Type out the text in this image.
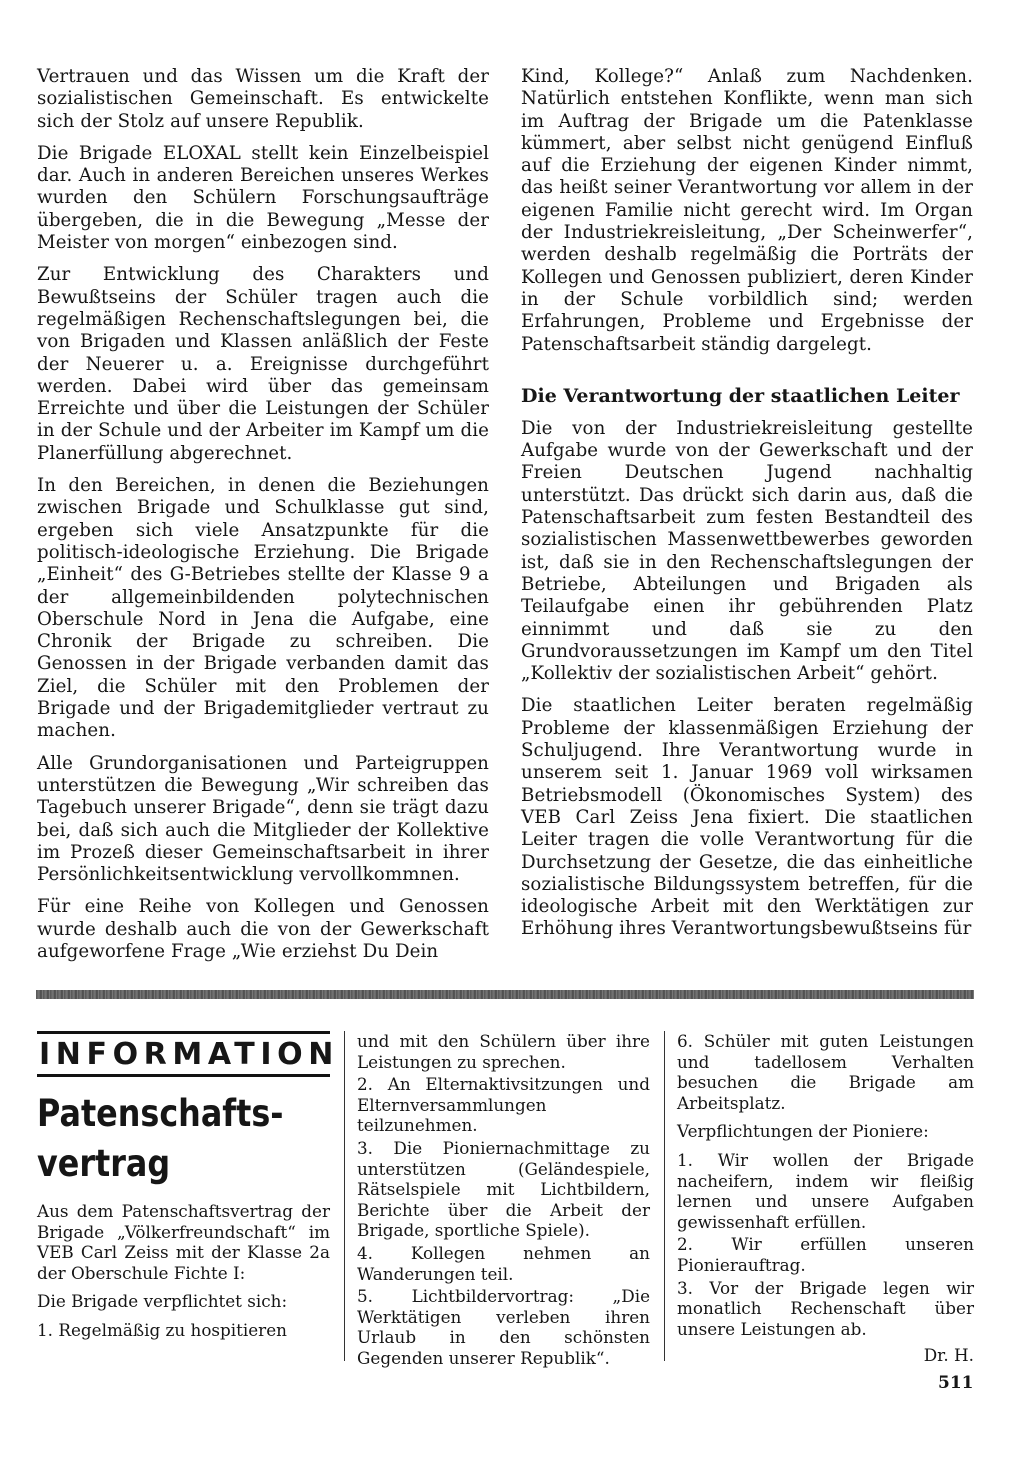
Vertrauen und das Wissen um die Kraft der sozialistischen Gemeinschaft. Es entwickelte sich der Stolz auf unsere Republik.

Die Brigade ELOXAL stellt kein Einzelbeispiel dar. Auch in anderen Bereichen unseres Werkes wurden den Schülern Forschungsaufträge übergeben, die in die Bewegung „Messe der Meister von morgen“ einbezogen sind.

Zur Entwicklung des Charakters und Bewußtseins der Schüler tragen auch die regelmäßigen Rechenschaftslegungen bei, die von Brigaden und Klassen anläßlich der Feste der Neuerer u. a. Ereignisse durchgeführt werden. Dabei wird über das gemeinsam Erreichte und über die Leistungen der Schüler in der Schule und der Arbeiter im Kampf um die Planerfüllung abgerechnet.

In den Bereichen, in denen die Beziehungen zwischen Brigade und Schulklasse gut sind, ergeben sich viele Ansatzpunkte für die politisch-ideologische Erziehung. Die Brigade „Einheit“ des G-Betriebes stellte der Klasse 9 a der allgemeinbildenden polytechnischen Oberschule Nord in Jena die Aufgabe, eine Chronik der Brigade zu schreiben. Die Genossen in der Brigade verbanden damit das Ziel, die Schüler mit den Problemen der Brigade und der Brigademitglieder vertraut zu machen.

Alle Grundorganisationen und Parteigruppen unterstützen die Bewegung „Wir schreiben das Tagebuch unserer Brigade“, denn sie trägt dazu bei, daß sich auch die Mitglieder der Kollektive im Prozeß dieser Gemeinschaftsarbeit in ihrer Persönlichkeitsentwicklung vervollkommnen.

Für eine Reihe von Kollegen und Genossen wurde deshalb auch die von der Gewerkschaft aufgeworfene Frage „Wie erziehst Du Dein

Kind, Kollege?“ Anlaß zum Nachdenken. Natürlich entstehen Konflikte, wenn man sich im Auftrag der Brigade um die Patenklasse kümmert, aber selbst nicht genügend Einfluß auf die Erziehung der eigenen Kinder nimmt, das heißt seiner Verantwortung vor allem in der eigenen Familie nicht gerecht wird. Im Organ der Industriekreisleitung, „Der Scheinwerfer“, werden deshalb regelmäßig die Porträts der Kollegen und Genossen publiziert, deren Kinder in der Schule vorbildlich sind; werden Erfahrungen, Probleme und Ergebnisse der Patenschaftsarbeit ständig dargelegt.

Die Verantwortung der staatlichen Leiter

Die von der Industriekreisleitung gestellte Aufgabe wurde von der Gewerkschaft und der Freien Deutschen Jugend nachhaltig unterstützt. Das drückt sich darin aus, daß die Patenschaftsarbeit zum festen Bestandteil des sozialistischen Massenwettbewerbes geworden ist, daß sie in den Rechenschaftslegungen der Betriebe, Abteilungen und Brigaden als Teilaufgabe einen ihr gebührenden Platz einnimmt und daß sie zu den Grundvoraussetzungen im Kampf um den Titel „Kollektiv der sozialistischen Arbeit“ gehört.

Die staatlichen Leiter beraten regelmäßig Probleme der klassenmäßigen Erziehung der Schuljugend. Ihre Verantwortung wurde in unserem seit 1. Januar 1969 voll wirksamen Betriebsmodell (Ökonomisches System) des VEB Carl Zeiss Jena fixiert. Die staatlichen Leiter tragen die volle Verantwortung für die Durchsetzung der Gesetze, die das einheitliche sozialistische Bildungssystem betreffen, für die ideologische Arbeit mit den Werktätigen zur Erhöhung ihres Verantwortungsbewußtseins für

INFORMATION
Patenschafts-
vertrag

Aus dem Patenschaftsvertrag der Brigade „Völkerfreundschaft“ im VEB Carl Zeiss mit der Klasse 2a der Oberschule Fichte I:

Die Brigade verpflichtet sich:

1. Regelmäßig zu hospitieren

und mit den Schülern über ihre Leistungen zu sprechen.

2. An Elternaktivsitzungen und Elternversammlungen teilzunehmen.

3. Die Pioniernachmittage zu unterstützen (Geländespiele, Rätselspiele mit Lichtbildern, Berichte über die Arbeit der Brigade, sportliche Spiele).

4. Kollegen nehmen an Wanderungen teil.

5. Lichtbildervortrag: „Die Werktätigen verleben ihren Urlaub in den schönsten Gegenden unserer Republik“.

6. Schüler mit guten Leistungen und tadellosem Verhalten besuchen die Brigade am Arbeitsplatz.

Verpflichtungen der Pioniere:

1. Wir wollen der Brigade nacheifern, indem wir fleißig lernen und unsere Aufgaben gewissenhaft erfüllen.

2. Wir erfüllen unseren Pionierauftrag.

3. Vor der Brigade legen wir monatlich Rechenschaft über unsere Leistungen ab.

Dr. H.
511
